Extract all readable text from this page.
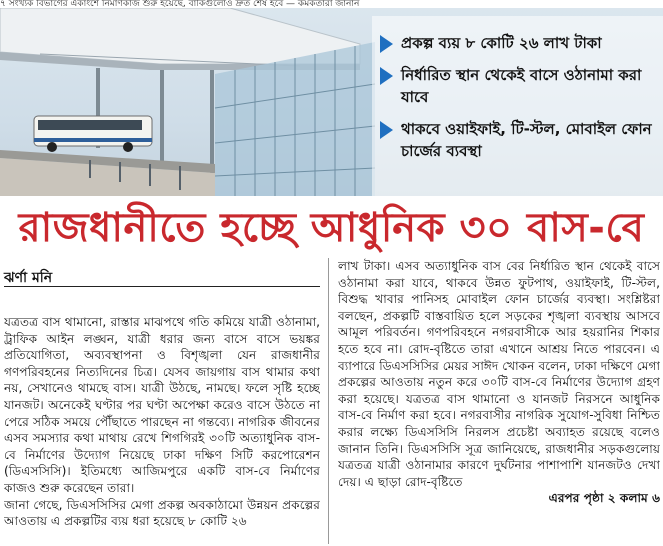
৭ সংখ্যক বিভাগের একাংশে নির্মাণকাজ শুরু হয়েছে, বাকিগুলোও দ্রুত শেষ হবে — কর্মকর্তারা জানান
প্রকল্প ব্যয় ৮ কোটি ২৬ লাখ টাকা
নির্ধারিত স্থান থেকেই বাসে ওঠানামা করা যাবে
থাকবে ওয়াইফাই, টি-স্টল, মোবাইল ফোন চার্জের ব্যবস্থা
রাজধানীতে হচ্ছে আধুনিক ৩০ বাস-বে
ঝর্ণা মনি

যত্রতত্র বাস থামানো, রাস্তার মাঝপথে গতি কমিয়ে যাত্রী ওঠানামা, ট্রাফিক আইন লঙ্ঘন, যাত্রী ধরার জন্য বাসে বাসে ভয়ঙ্কর প্রতিযোগিতা, অব্যবস্থাপনা ও বিশৃঙ্খলা যেন রাজধানীর গণপরিবহনের নিত্যদিনের চিত্র। যেসব জায়গায় বাস থামার কথা নয়, সেখানেও থামছে বাস। যাত্রী উঠছে, নামছে। ফলে সৃষ্টি হচ্ছে যানজট। অনেকেই ঘণ্টার পর ঘণ্টা অপেক্ষা করেও বাসে উঠতে না পেরে সঠিক সময়ে পৌঁছাতে পারছেন না গন্তব্যে। নাগরিক জীবনের এসব সমস্যার কথা মাথায় রেখে শিগগিরই ৩০টি অত্যাধুনিক বাস-বে নির্মাণের উদ্যোগ নিয়েছে ঢাকা দক্ষিণ সিটি করপোরেশন (ডিএসসিসি)। ইতিমধ্যে আজিমপুরে একটি বাস-বে নির্মাণের কাজও শুরু করেছেন তারা।

জানা গেছে, ডিএসসিসির মেগা প্রকল্প অবকাঠামো উন্নয়ন প্রকল্পের আওতায় এ প্রকল্পটির ব্যয় ধরা হয়েছে ৮ কোটি ২৬

লাখ টাকা। এসব অত্যাধুনিক বাস বের নির্ধারিত স্থান থেকেই বাসে ওঠানামা করা যাবে, থাকবে উন্নত ফুটপাথ, ওয়াইফাই, টি-স্টল, বিশুদ্ধ খাবার পানিসহ মোবাইল ফোন চার্জের ব্যবস্থা। সংশ্লিষ্টরা বলছেন, প্রকল্পটি বাস্তবায়িত হলে সড়কের শৃঙ্খলা ব্যবস্থায় আসবে আমূল পরিবর্তন। গণপরিবহনে নগরবাসীকে আর হয়রানির শিকার হতে হবে না। রোদ-বৃষ্টিতে তারা এখানে আশ্রয় নিতে পারবেন। এ ব্যাপারে ডিএসসিসির মেয়র সাঈদ খোকন বলেন, ঢাকা দক্ষিণে মেগা প্রকল্পের আওতায় নতুন করে ৩০টি বাস-বে নির্মাণের উদ্যোগ গ্রহণ করা হয়েছে। যত্রতত্র বাস থামানো ও যানজট নিরসনে আধুনিক বাস-বে নির্মাণ করা হবে। নগরবাসীর নাগরিক সুযোগ-সুবিধা নিশ্চিত করার লক্ষ্যে ডিএসসিসি নিরলস প্রচেষ্টা অব্যাহত রয়েছে বলেও জানান তিনি। ডিএসসিসি সূত্র জানিয়েছে, রাজধানীর সড়কগুলোয় যত্রতত্র যাত্রী ওঠানামার কারণে দুর্ঘটনার পাশাপাশি যানজটও দেখা দেয়। এ ছাড়া রোদ-বৃষ্টিতে

এরপর পৃষ্ঠা ২ কলাম ৬
